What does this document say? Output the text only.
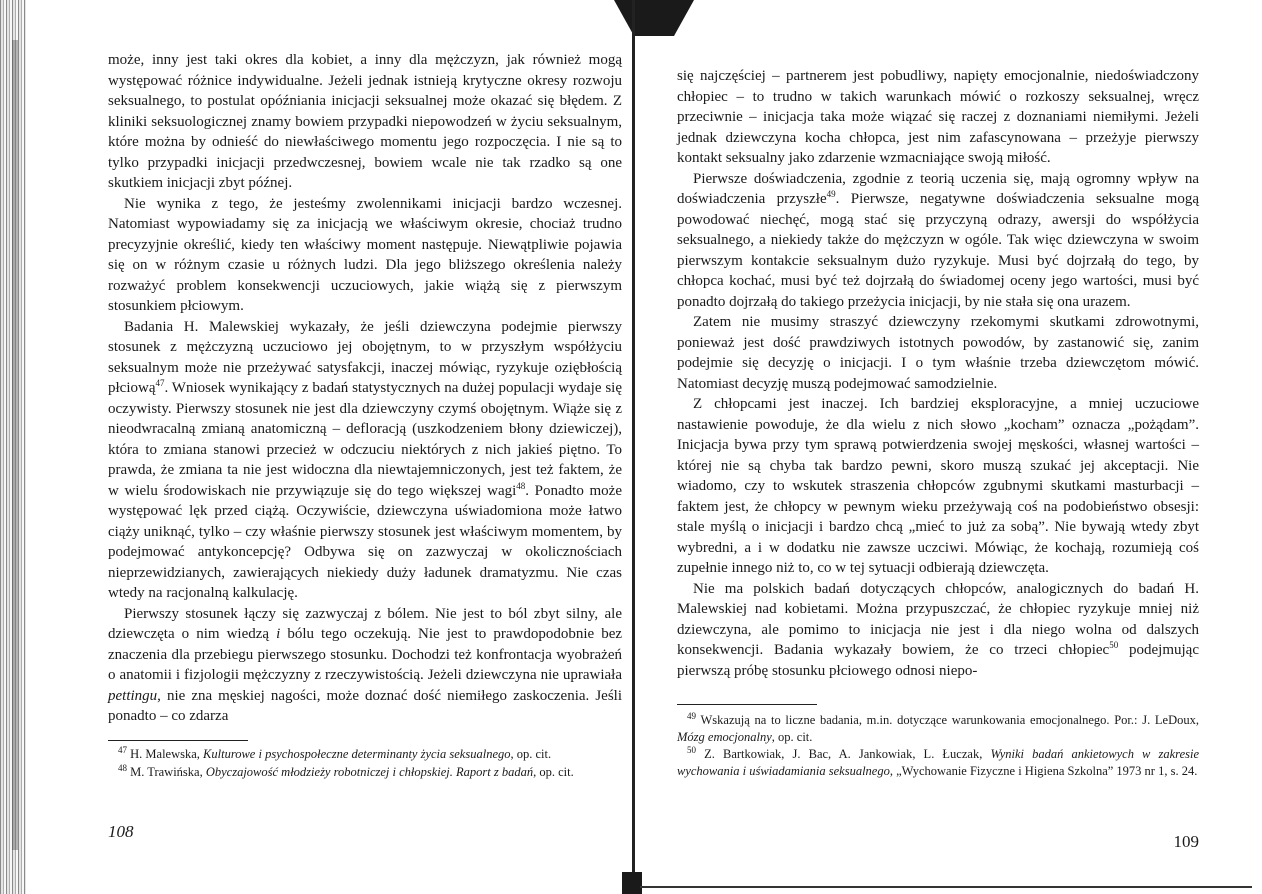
może, inny jest taki okres dla kobiet, a inny dla mężczyzn, jak również mogą występować różnice indywidualne. Jeżeli jednak istnieją krytyczne okresy rozwoju seksualnego, to postulat opóźniania inicjacji seksualnej może okazać się błędem. Z kliniki seksuologicznej znamy bowiem przypadki niepowodzeń w życiu seksualnym, które można by odnieść do niewłaściwego momentu jego rozpoczęcia. I nie są to tylko przypadki inicjacji przedwczesnej, bowiem wcale nie tak rzadko są one skutkiem inicjacji zbyt późnej.

Nie wynika z tego, że jesteśmy zwolennikami inicjacji bardzo wczesnej. Natomiast wypowiadamy się za inicjacją we właściwym okresie, chociaż trudno precyzyjnie określić, kiedy ten właściwy moment następuje. Niewątpliwie pojawia się on w różnym czasie u różnych ludzi. Dla jego bliższego określenia należy rozważyć problem konsekwencji uczuciowych, jakie wiążą się z pierwszym stosunkiem płciowym.

Badania H. Malewskiej wykazały, że jeśli dziewczyna podejmie pierwszy stosunek z mężczyzną uczuciowo jej obojętnym, to w przyszłym współżyciu seksualnym może nie przeżywać satysfakcji, inaczej mówiąc, ryzykuje oziębłością płciową$^{47}$. Wniosek wynikający z badań statystycznych na dużej populacji wydaje się oczywisty. Pierwszy stosunek nie jest dla dziewczyny czymś obojętnym. Wiąże się z nieodwracalną zmianą anatomiczną – defloracją (uszkodzeniem błony dziewiczej), która to zmiana stanowi przecież w odczuciu niektórych z nich jakieś piętno. To prawda, że zmiana ta nie jest widoczna dla niewtajemniczonych, jest też faktem, że w wielu środowiskach nie przywiązuje się do tego większej wagi$^{48}$. Ponadto może występować lęk przed ciążą. Oczywiście, dziewczyna uświadomiona może łatwo ciąży uniknąć, tylko – czy właśnie pierwszy stosunek jest właściwym momentem, by podejmować antykoncepcję? Odbywa się on zazwyczaj w okolicznościach nieprzewidzianych, zawierających niekiedy duży ładunek dramatyzmu. Nie czas wtedy na racjonalną kalkulację.

Pierwszy stosunek łączy się zazwyczaj z bólem. Nie jest to ból zbyt silny, ale dziewczęta o nim wiedzą i bólu tego oczekują. Nie jest to prawdopodobnie bez znaczenia dla przebiegu pierwszego stosunku. Dochodzi też konfrontacja wyobrażeń o anatomii i fizjologii mężczyzny z rzeczywistością. Jeżeli dziewczyna nie uprawiała pettingu, nie zna męskiej nagości, może doznać dość niemiłego zaskoczenia. Jeśli ponadto – co zdarza

$^{47}$ H. Malewska, Kulturowe i psychospołeczne determinanty życia seksualnego, op. cit.

$^{48}$ M. Trawińska, Obyczajowość młodzieży robotniczej i chłopskiej. Raport z badań, op. cit.

108

się najczęściej – partnerem jest pobudliwy, napięty emocjonalnie, niedoświadczony chłopiec – to trudno w takich warunkach mówić o rozkoszy seksualnej, wręcz przeciwnie – inicjacja taka może wiązać się raczej z doznaniami niemiłymi. Jeżeli jednak dziewczyna kocha chłopca, jest nim zafascynowana – przeżyje pierwszy kontakt seksualny jako zdarzenie wzmacniające swoją miłość.

Pierwsze doświadczenia, zgodnie z teorią uczenia się, mają ogromny wpływ na doświadczenia przyszłe$^{49}$. Pierwsze, negatywne doświadczenia seksualne mogą powodować niechęć, mogą stać się przyczyną odrazy, awersji do współżycia seksualnego, a niekiedy także do mężczyzn w ogóle. Tak więc dziewczyna w swoim pierwszym kontakcie seksualnym dużo ryzykuje. Musi być dojrzałą do tego, by chłopca kochać, musi być też dojrzałą do świadomej oceny jego wartości, musi być ponadto dojrzałą do takiego przeżycia inicjacji, by nie stała się ona urazem.

Zatem nie musimy straszyć dziewczyny rzekomymi skutkami zdrowotnymi, ponieważ jest dość prawdziwych istotnych powodów, by zastanowić się, zanim podejmie się decyzję o inicjacji. I o tym właśnie trzeba dziewczętom mówić. Natomiast decyzję muszą podejmować samodzielnie.

Z chłopcami jest inaczej. Ich bardziej eksploracyjne, a mniej uczuciowe nastawienie powoduje, że dla wielu z nich słowo „kocham” oznacza „pożądam”. Inicjacja bywa przy tym sprawą potwierdzenia swojej męskości, własnej wartości – której nie są chyba tak bardzo pewni, skoro muszą szukać jej akceptacji. Nie wiadomo, czy to wskutek straszenia chłopców zgubnymi skutkami masturbacji – faktem jest, że chłopcy w pewnym wieku przeżywają coś na podobieństwo obsesji: stale myślą o inicjacji i bardzo chcą „mieć to już za sobą”. Nie bywają wtedy zbyt wybredni, a i w dodatku nie zawsze uczciwi. Mówiąc, że kochają, rozumieją coś zupełnie innego niż to, co w tej sytuacji odbierają dziewczęta.

Nie ma polskich badań dotyczących chłopców, analogicznych do badań H. Malewskiej nad kobietami. Można przypuszczać, że chłopiec ryzykuje mniej niż dziewczyna, ale pomimo to inicjacja nie jest i dla niego wolna od dalszych konsekwencji. Badania wykazały bowiem, że co trzeci chłopiec$^{50}$ podejmując pierwszą próbę stosunku płciowego odnosi niepo-

$^{49}$ Wskazują na to liczne badania, m.in. dotyczące warunkowania emocjonalnego. Por.: J. LeDoux, Mózg emocjonalny, op. cit.

$^{50}$ Z. Bartkowiak, J. Bac, A. Jankowiak, L. Łuczak, Wyniki badań ankietowych w zakresie wychowania i uświadamiania seksualnego, „Wychowanie Fizyczne i Higiena Szkolna” 1973 nr 1, s. 24.

109
